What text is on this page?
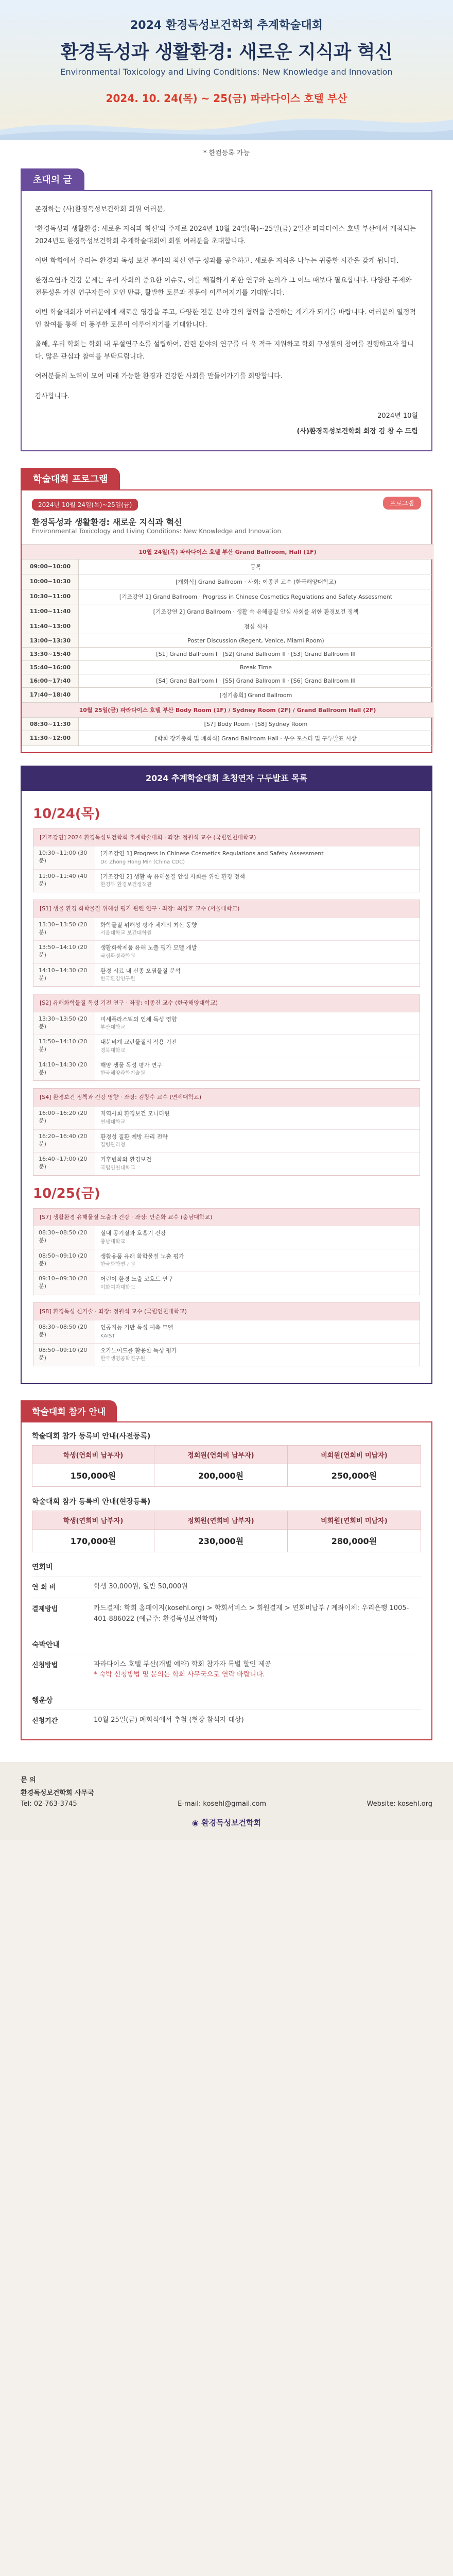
2024 환경독성보건학회 추계학술대회
환경독성과 생활환경: 새로운 지식과 혁신
Environmental Toxicology and Living Conditions: New Knowledge and Innovation
2024. 10. 24(목) ~ 25(금) 파라다이스 호텔 부산
* 한컴등록 가능
초대의 글

존경하는 (사)환경독성보건학회 회원 여러분,

'환경독성과 생활환경: 새로운 지식과 혁신'의 주제로 2024년 10월 24일(목)~25일(금) 2일간 파라다이스 호텔 부산에서 개최되는 2024년도 환경독성보건학회 추계학술대회에 회원 여러분을 초대합니다.

이번 학회에서 우리는 환경과 독성 보건 분야의 최신 연구 성과를 공유하고, 새로운 지식을 나누는 귀중한 시간을 갖게 됩니다.

환경오염과 건강 문제는 우리 사회의 중요한 이슈로, 이를 해결하기 위한 연구와 논의가 그 어느 때보다 필요합니다. 다양한 주제와 전문성을 가진 연구자들이 모인 만큼, 활발한 토론과 질문이 이루어지기를 기대합니다.

이번 학술대회가 여러분에게 새로운 영감을 주고, 다양한 전문 분야 간의 협력을 증진하는 계기가 되기를 바랍니다. 여러분의 열정적인 참여를 통해 더 풍부한 토론이 이루어지기를 기대합니다.

올해, 우리 학회는 학회 내 부설연구소를 설립하여, 관련 분야의 연구를 더 욱 적극 지원하고 학회 구성원의 참여를 진행하고자 합니다. 많은 관심과 참여를 부탁드립니다.

여러분들의 노력이 모여 미래 가능한 환경과 건강한 사회를 만들어가기를 희망합니다.

감사합니다.

2024년 10월
(사)환경독성보건학회 회장 김 창 수 드림
학술대회 프로그램
프로그램
2024년 10월 24일(목)~25일(금)
환경독성과 생활환경: 새로운 지식과 혁신
Environmental Toxicology and Living Conditions: New Knowledge and Innovation
10월 24일(목) 파라다이스 호텔 부산 Grand Ballroom, Hall (1F)	
09:00~10:00	등록
10:00~10:30	[개회식] Grand Ballroom · 사회: 이종진 교수 (한국해양대학교)
10:30~11:00	[기조강연 1] Grand Ballroom · Progress in Chinese Cosmetics Regulations and Safety Assessment
11:00~11:40	[기조강연 2] Grand Ballroom · 생활 속 유해물질 안심 사회를 위한 환경보건 정책
11:40~13:00	점심 식사
13:00~13:30	Poster Discussion (Regent, Venice, Miami Room)
13:30~15:40	[S1] Grand Ballroom I · [S2] Grand Ballroom II · [S3] Grand Ballroom III
15:40~16:00	Break Time
16:00~17:40	[S4] Grand Ballroom I · [S5] Grand Ballroom II · [S6] Grand Ballroom III
17:40~18:40	[정기총회] Grand Ballroom
10월 25일(금) 파라다이스 호텔 부산 Body Room (1F) / Sydney Room (2F) / Grand Ballroom Hall (2F)	
08:30~11:30	[S7] Body Room · [S8] Sydney Room
11:30~12:00	[학회 장기총회 및 폐회식] Grand Ballroom Hall · 우수 포스터 및 구두발표 시상
2024 추계학술대회 초청연자 구두발표 목록
10/24(목)
[기조강연] 2024 환경독성보건학회 추계학술대회 · 좌장: 정원석 교수 (국립인천대학교)
10:30~11:00 (30분)
[기조강연 1] Progress in Chinese Cosmetics Regulations and Safety Assessment
Dr. Zhong Hong Min (China CDC)
11:00~11:40 (40분)
[기조강연 2] 생활 속 유해물질 안심 사회를 위한 환경 정책
환경부 환경보건정책관
[S1] 생물 환경 화학물질 위해성 평가 관련 연구 · 좌장: 최경호 교수 (서울대학교)
13:30~13:50 (20분)
화학물질 위해성 평가 체계의 최신 동향
서울대학교 보건대학원
13:50~14:10 (20분)
생활화학제품 유해 노출 평가 모델 개발
국립환경과학원
14:10~14:30 (20분)
환경 시료 내 신종 오염물질 분석
한국환경연구원
[S2] 유해화학물질 독성 기전 연구 · 좌장: 이종진 교수 (한국해양대학교)
13:30~13:50 (20분)
미세플라스틱의 인체 독성 영향
부산대학교
13:50~14:10 (20분)
내분비계 교란물질의 작용 기전
경북대학교
14:10~14:30 (20분)
해양 생물 독성 평가 연구
한국해양과학기술원
[S4] 환경보건 정책과 건강 영향 · 좌장: 김창수 교수 (연세대학교)
16:00~16:20 (20분)
지역사회 환경보건 모니터링
연세대학교
16:20~16:40 (20분)
환경성 질환 예방 관리 전략
질병관리청
16:40~17:00 (20분)
기후변화와 환경보건
국립인천대학교
10/25(금)
[S7] 생활환경 유해물질 노출과 건강 · 좌장: 안순화 교수 (충남대학교)
08:30~08:50 (20분)
실내 공기질과 호흡기 건강
충남대학교
08:50~09:10 (20분)
생활용품 유래 화학물질 노출 평가
한국화학연구원
09:10~09:30 (20분)
어린이 환경 노출 코호트 연구
이화여자대학교
[S8] 환경독성 신기술 · 좌장: 정원석 교수 (국립인천대학교)
08:30~08:50 (20분)
인공지능 기반 독성 예측 모델
KAIST
08:50~09:10 (20분)
오가노이드를 활용한 독성 평가
한국생명공학연구원
학술대회 참가 안내
학술대회 참가 등록비 안내(사전등록)
학생(연회비 납부자)	정회원(연회비 납부자)	비회원(연회비 미납자)
150,000원	200,000원	250,000원
학술대회 참가 등록비 안내(현장등록)
학생(연회비 납부자)	정회원(연회비 납부자)	비회원(연회비 미납자)
170,000원	230,000원	280,000원
연회비
연 회 비	학생 30,000원, 일반 50,000원
결제방법	카드결제: 학회 홈페이지(kosehl.org) > 학회서비스 > 회원결제 > 연회비납부 / 계좌이체: 우리은행 1005-401-886022 (예금주: 환경독성보건학회)
숙박안내
신청방법	파라다이스 호텔 부산(개별 예약) 학회 참가자 특별 할인 제공
* 숙박 신청방법 및 문의는 학회 사무국으로 연락 바랍니다.
행운상
신청기간	10월 25일(금) 폐회식에서 추첨 (현장 참석자 대상)
문 의
환경독성보건학회 사무국
Tel: 02-763-3745	E-mail: kosehl@gmail.com	Website: kosehl.org
◉ 환경독성보건학회
